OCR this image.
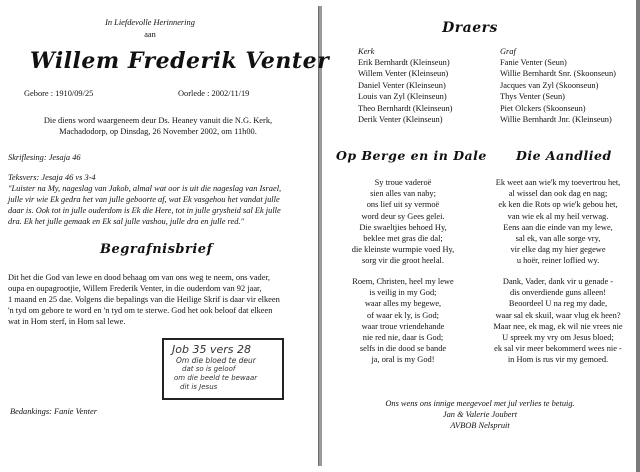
In Liefdevolle Herinnering
aan
Willem Frederik Venter
Gebore : 1910/09/25	Oorlede : 2002/11/19
Die diens word waargeneem deur Ds. Heaney vanuit die N.G. Kerk,
Machadodorp, op Dinsdag, 26 November 2002, om 11h00.
Skriflesing: Jesaja 46
Teksvers: Jesaja 46 vs 3-4
"Luister na My, nageslag van Jakob, almal wat oor is uit die nageslag van Israel,
julle vir wie Ek gedra het van julle geboorte af, wat Ek vasgehou het vandat julle
daar is. Ook tot in julle ouderdom is Ek die Here, tot in julle grysheid sal Ek julle
dra. Ek het julle gemaak en Ek sal julle vashou, julle dra en julle red."
Begrafnisbrief
Dit het die God van lewe en dood behaag om van ons weg te neem, ons vader,
oupa en oupagrootjie, Willem Frederik Venter, in die ouderdom van 92 jaar,
1 maand en 25 dae. Volgens die bepalings van die Heilige Skrif is daar vir elkeen
'n tyd om gebore te word en 'n tyd om te sterwe. God het ook beloof dat elkeen
wat in Hom sterf, in Hom sal lewe.
Job 35 vers 28
Om die bloed te deur
dat so is geloof
om die beeld te bewaar
dit is Jesus
Bedankings: Fanie Venter
Draers
Kerk
Erik Bernhardt (Kleinseun)
Willem Venter (Kleinseun)
Daniel Venter (Kleinseun)
Louis van Zyl (Kleinseun)
Theo Bernhardt (Kleinseun)
Derik Venter (Kleinseun)
Graf
Fanie Venter (Seun)
Willie Bernhardt Snr. (Skoonseun)
Jacques van Zyl (Skoonseun)
Thys Venter (Seun)
Piet Olckers (Skoonseun)
Willie Bernhardt Jnr. (Kleinseun)
Op Berge en in Dale Die Aandlied
Sy troue vaderoë
sien alles van naby;
ons lief uit sy vermoë
word deur sy Gees gelei.
Die swaeltjies behoed Hy,
beklee met gras die dal;
die kleinste wurmpie voed Hy,
sorg vir die groot heelal.
Roem, Christen, heel my lewe
is veilig in my God;
waar alles my begewe,
of waar ek ly, is God;
waar troue vriendehande
nie red nie, daar is God;
selfs in die dood se bande
ja, oral is my God!
Ek weet aan wie'k my toevertrou het,
al wissel dan ook dag en nag;
ek ken die Rots op wie'k gebou het,
van wie ek al my heil verwag.
Eens aan die einde van my lewe,
sal ek, van alle sorge vry,
vir elke dag my hier gegewe
u hoër, reiner loflied wy.
Dank, Vader, dank vir u genade -
dis onverdiende guns alleen!
Beoordeel U na reg my dade,
waar sal ek skuil, waar vlug ek heen?
Maar nee, ek mag, ek wil nie vrees nie
U spreek my vry om Jesus bloed;
ek sal vir meer bekommerd wees nie -
in Hom is rus vir my gemoed.
Ons wens ons innige meegevoel met jul verlies te betuig.
Jan & Valerie Joubert
AVBOB Nelspruit
